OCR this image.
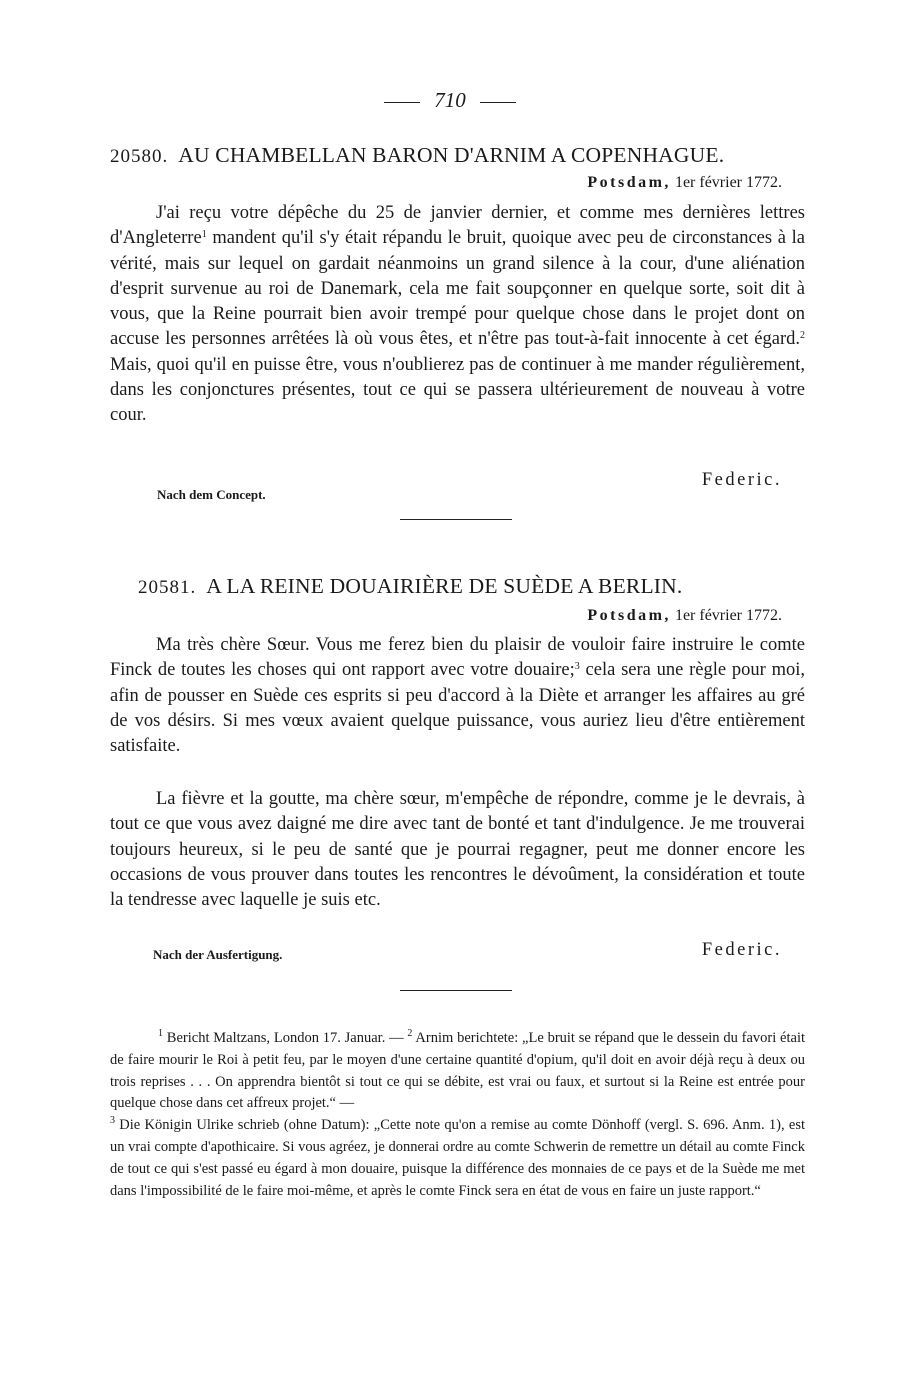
710
20580. AU CHAMBELLAN BARON D'ARNIM A COPENHAGUE.
Potsdam, 1er février 1772.

J'ai reçu votre dépêche du 25 de janvier dernier, et comme mes dernières lettres d'Angleterre$^1$ mandent qu'il s'y était répandu le bruit, quoique avec peu de circonstances à la vérité, mais sur lequel on gardait néanmoins un grand silence à la cour, d'une aliénation d'esprit survenue au roi de Danemark, cela me fait soupçonner en quelque sorte, soit dit à vous, que la Reine pourrait bien avoir trempé pour quelque chose dans le projet dont on accuse les personnes arrêtées là où vous êtes, et n'être pas tout-à-fait innocente à cet égard.$^2$ Mais, quoi qu'il en puisse être, vous n'oublierez pas de continuer à me mander régulièrement, dans les conjonctures présentes, tout ce qui se passera ultérieurement de nouveau à votre cour.

Federic.
Nach dem Concept.
20581. A LA REINE DOUAIRIÈRE DE SUÈDE A BERLIN.
Potsdam, 1er février 1772.

Ma très chère Sœur. Vous me ferez bien du plaisir de vouloir faire instruire le comte Finck de toutes les choses qui ont rapport avec votre douaire;$^3$ cela sera une règle pour moi, afin de pousser en Suède ces esprits si peu d'accord à la Diète et arranger les affaires au gré de vos désirs. Si mes vœux avaient quelque puissance, vous auriez lieu d'être entièrement satisfaite.

La fièvre et la goutte, ma chère sœur, m'empêche de répondre, comme je le devrais, à tout ce que vous avez daigné me dire avec tant de bonté et tant d'indulgence. Je me trouverai toujours heureux, si le peu de santé que je pourrai regagner, peut me donner encore les occasions de vous prouver dans toutes les rencontres le dévoûment, la considération et toute la tendresse avec laquelle je suis etc.

Federic.
Nach der Ausfertigung.

$^1$ Bericht Maltzans, London 17. Januar. — $^2$ Arnim berichtete: „Le bruit se répand que le dessein du favori était de faire mourir le Roi à petit feu, par le moyen d'une certaine quantité d'opium, qu'il doit en avoir déjà reçu à deux ou trois reprises . . . On apprendra bientôt si tout ce qui se débite, est vrai ou faux, et surtout si la Reine est entrée pour quelque chose dans cet affreux projet.“ —
$^3$ Die Königin Ulrike schrieb (ohne Datum): „Cette note qu'on a remise au comte Dönhoff (vergl. S. 696. Anm. 1), est un vrai compte d'apothicaire. Si vous agréez, je donnerai ordre au comte Schwerin de remettre un détail au comte Finck de tout ce qui s'est passé eu égard à mon douaire, puisque la différence des monnaies de ce pays et de la Suède me met dans l'impossibilité de le faire moi-même, et après le comte Finck sera en état de vous en faire un juste rapport.“
